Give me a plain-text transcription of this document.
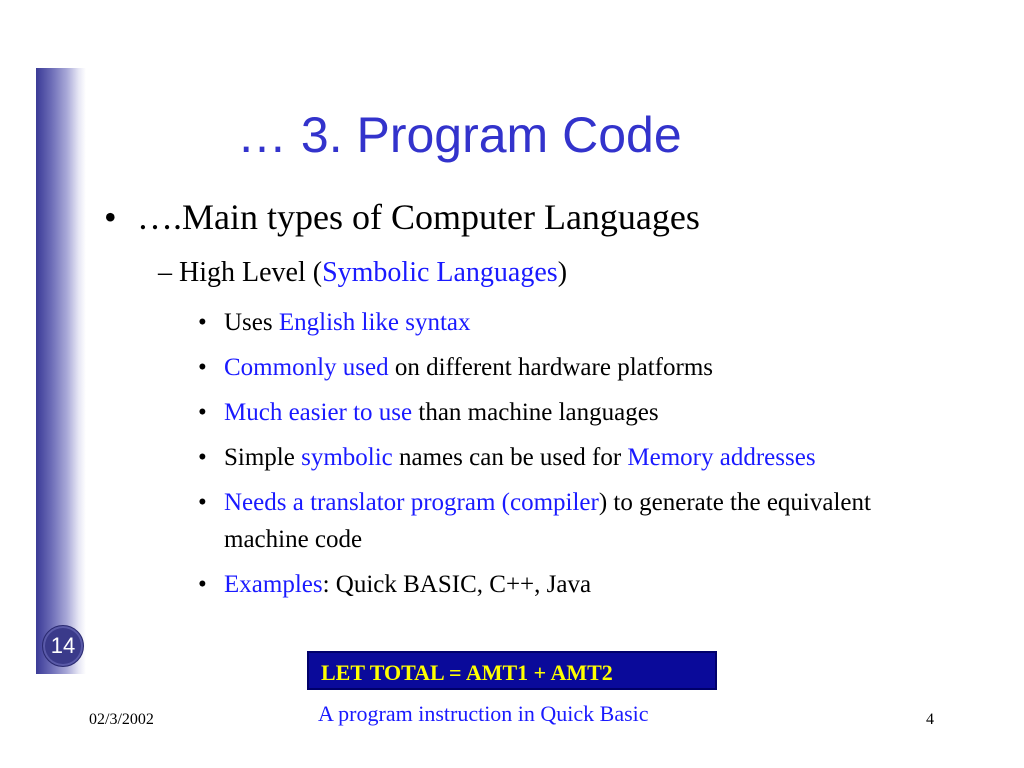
14
… 3. Program Code
• ….Main types of Computer Languages
– High Level (Symbolic Languages)
• Uses English like syntax
• Commonly used on different hardware platforms
• Much easier to use than machine languages
• Simple symbolic names can be used for Memory addresses
• Needs a translator program (compiler) to generate the equivalent machine code
• Examples: Quick BASIC, C++, Java
LET TOTAL = AMT1 + AMT2
A program instruction in Quick Basic
02/3/2002	4
